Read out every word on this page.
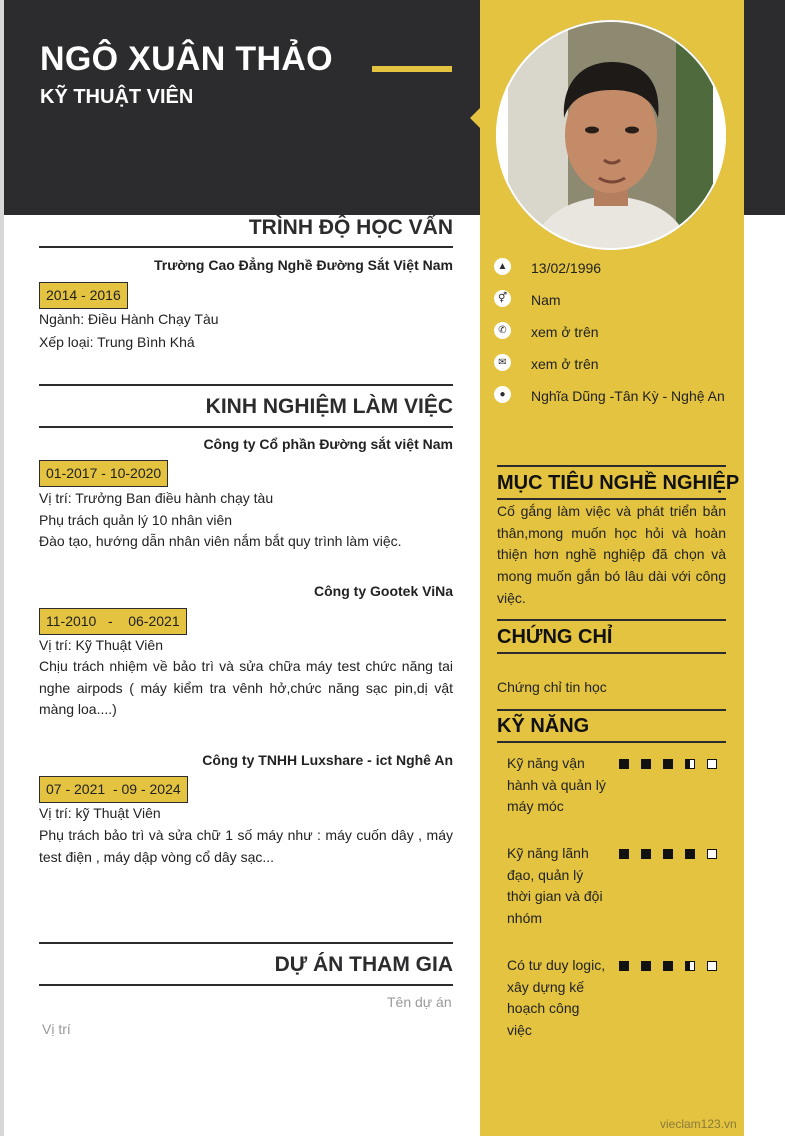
NGÔ XUÂN THẢO
KỸ THUẬT VIÊN
▲ 13/02/1996
⚥ Nam
✆	xem ở trên
✉	xem ở trên
●	Nghĩa Dũng -Tân Kỳ - Nghệ An
TRÌNH ĐỘ HỌC VẤN
Trường Cao Đẳng Nghề Đường Sắt Việt Nam
2014 - 2016
Ngành: Điều Hành Chạy Tàu
Xếp loại: Trung Bình Khá
KINH NGHIỆM LÀM VIỆC
Công ty Cổ phần Đường sắt việt Nam
01-2017 - 10-2020
Vị trí: Trưởng Ban điều hành chạy tàu
Phụ trách quản lý 10 nhân viên
Đào tạo, hướng dẫn nhân viên nắm bắt quy trình làm việc.
Công ty Gootek ViNa
11-2010   -    06-2021
Vị trí: Kỹ Thuật Viên
Chịu trách nhiệm về bảo trì và sửa chữa máy test chức năng tai nghe airpods ( máy kiểm tra vênh hở,chức năng sạc pin,dị vật màng loa....)
Công ty TNHH Luxshare - ict Nghê An
07 - 2021  - 09 - 2024
Vị trí: kỹ Thuật Viên
Phụ trách bảo trì và sửa chữ 1 số máy như : máy cuốn dây , máy test điện , máy dập vòng cổ dây sạc...
DỰ ÁN THAM GIA
Tên dự án
Vị trí
MỤC TIÊU NGHỀ NGHIỆP
Cố gắng làm việc và phát triển bản thân,mong muốn học hỏi và hoàn thiện hơn nghề nghiệp đã chọn và mong muốn gắn bó lâu dài với công việc.
CHỨNG CHỈ
Chứng chỉ tin học
KỸ NĂNG
Kỹ năng vận hành và quản lý máy móc
Kỹ năng lãnh đạo, quản lý thời gian và đội nhóm
Có tư duy logic, xây dựng kế hoạch công việc
vieclam123.vn
